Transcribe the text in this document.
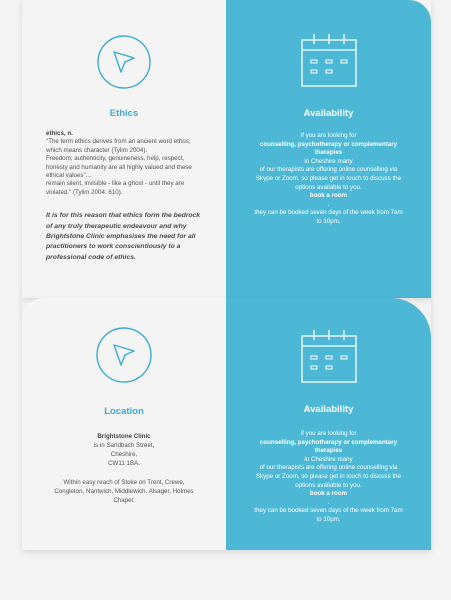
Ethics
ethics, n.
"The term ethics derives from an ancient word ethos,
which means character (Tylim 2004).
Freedom, authenticity, genuineness, help, respect,
honesty and humanity are all highly valued and these
ethical values"...
remain silent, invisible - like a ghost - until they are
violated." (Tylim 2004: 610).
It is for this reason that ethics form the bedrock of any truly therapeutic endeavour and why Brightstone Clinic emphasises the need for all practitioners to work conscientiously to a professional code of ethics.
Availability
If you are looking for
counselling, psychotherapy or complementary
therapies
in Cheshire many
of our therapists are offering online counselling via
Skype or Zoom, so please get in touch to discuss the
options available to you.
book a room
.
they can be booked seven days of the week from 7am
to 10pm.
Location
Brightstone Clinic
is in Sandbach Street,
Cheshire,
CW11 1BA.
Within easy reach of Stoke on Trent, Crewe, Congleton, Nantwich, Middlewich, Alsager, Holmes Chapel.
Availability
If you are looking for
counselling, psychotherapy or complementary
therapies
in Cheshire many
of our therapists are offering online counselling via
Skype or Zoom, so please get in touch to discuss the
options available to you.
book a room
.
they can be booked seven days of the week from 7am
to 10pm.
